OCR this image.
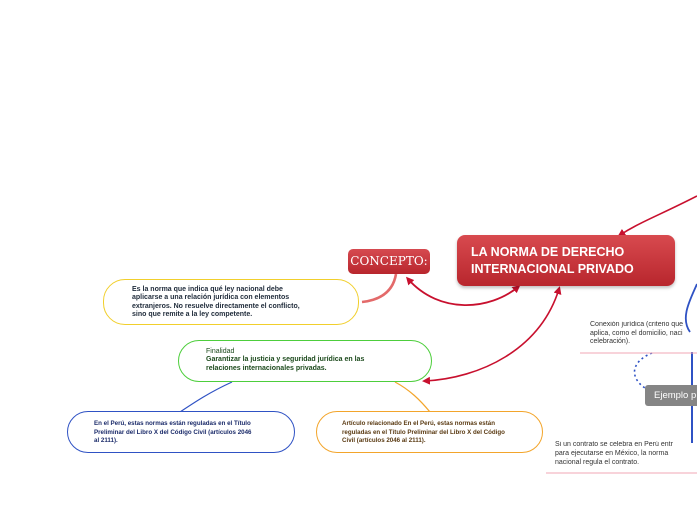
LA NORMA DE DERECHO
INTERNACIONAL PRIVADO
CONCEPTO:
Es la norma que indica qué ley nacional debe
aplicarse a una relación jurídica con elementos
extranjeros. No resuelve directamente el conflicto,
sino que remite a la ley competente.
Finalidad
Garantizar la justicia y seguridad jurídica en las
relaciones internacionales privadas.
En el Perú, estas normas están reguladas en el Título
Preliminar del Libro X del Código Civil (artículos 2046
al 2111).
Artículo relacionado En el Perú, estas normas están
reguladas en el Título Preliminar del Libro X del Código
Civil (artículos 2046 al 2111).
Conexión jurídica (criterio que
aplica, como el domicilio, naci
celebración).
Ejemplo p
Si un contrato se celebra en Perú entr
para ejecutarse en México, la norma
nacional regula el contrato.
